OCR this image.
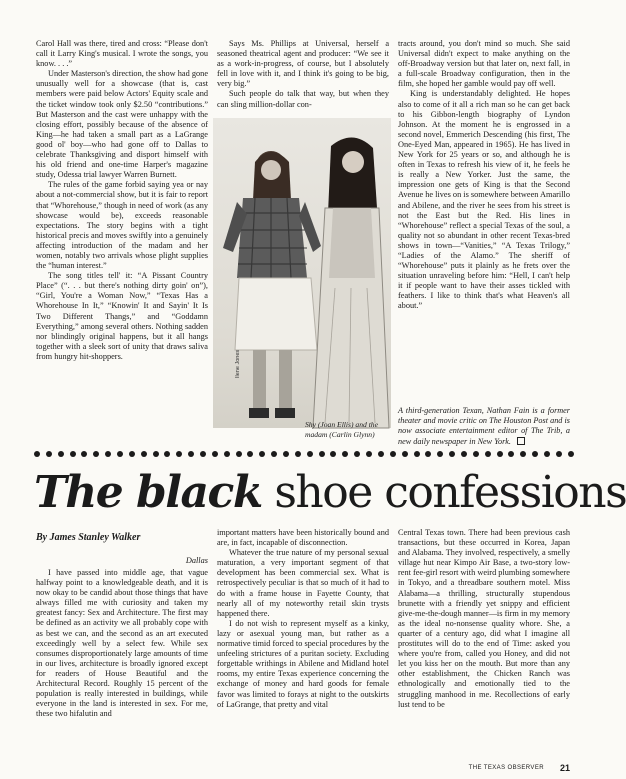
Carol Hall was there, tired and cross: “Please don't call it Larry King's musical. I wrote the songs, you know. . . .”

Under Masterson's direction, the show had gone unusually well for a showcase (that is, cast members were paid below Actors' Equity scale and the ticket window took only $2.50 “contributions.” But Masterson and the cast were unhappy with the closing effort, possibly because of the absence of King—he had taken a small part as a LaGrange good ol' boy—who had gone off to Dallas to celebrate Thanksgiving and disport himself with his old friend and one-time Harper's magazine study, Odessa trial lawyer Warren Burnett.

The rules of the game forbid saying yea or nay about a not-commercial show, but it is fair to report that “Whorehouse,” though in need of work (as any showcase would be), exceeds reasonable expectations. The story begins with a tight historical precis and moves swiftly into a genuinely affecting introduction of the madam and her women, notably two arrivals whose plight supplies the “human interest.”

The song titles tell' it: “A Pissant Country Place” (“. . . but there's nothing dirty goin' on”), “Girl, You're a Woman Now,” “Texas Has a Whorehouse In It,” “Knowin' It and Sayin' It Is Two Different Thangs,” and “Goddamn Everything,” among several others. Nothing sadden nor blindingly original happens, but it all hangs together with a sleek sort of unity that draws saliva from hungry hit-shoppers.

Says Ms. Phillips at Universal, herself a seasoned theatrical agent and producer: “We see it as a work-in-progress, of course, but I absolutely fell in love with it, and I think it's going to be big, very big.”

Such people do talk that way, but when they can sling million-dollar con-

Ilene Jones
Shy (Joan Ellis) and the madam (Carlin Glynn)

tracts around, you don't mind so much. She said Universal didn't expect to make anything on the off-Broadway version but that later on, next fall, in a full-scale Broadway configuration, then in the film, she hoped her gamble would pay off well.

King is understandably delighted. He hopes also to come of it all a rich man so he can get back to his Gibbon-length biography of Lyndon Johnson. At the moment he is engrossed in a second novel, Emmerich Descending (his first, The One-Eyed Man, appeared in 1965). He has lived in New York for 25 years or so, and although he is often in Texas to refresh his view of it, he feels he is really a New Yorker. Just the same, the impression one gets of King is that the Second Avenue he lives on is somewhere between Amarillo and Abilene, and the river he sees from his street is not the East but the Red. His lines in “Whorehouse” reflect a special Texas of the soul, a quality not so abundant in other recent Texas-bred shows in town—“Vanities,” “A Texas Trilogy,” “Ladies of the Alamo.” The sheriff of “Whorehouse” puts it plainly as he frets over the situation unraveling before him: “Hell, I can't help it if people want to have their asses tickled with feathers. I like to think that's what Heaven's all about.”

A third-generation Texan, Nathan Fain is a former theater and movie critic on The Houston Post and is now associate entertainment editor of The Trib, a new daily newspaper in New York.
The black shoe confessions
By James Stanley Walker
Dallas

I have passed into middle age, that vague halfway point to a knowledgeable death, and it is now okay to be candid about those things that have always filled me with curiosity and taken my greatest fancy: Sex and Architecture. The first may be defined as an activity we all probably cope with as best we can, and the second as an art executed exceedingly well by a select few. While sex consumes disproportionately large amounts of time in our lives, architecture is broadly ignored except for readers of House Beautiful and the Architectural Record. Roughly 15 percent of the population is really interested in buildings, while everyone in the land is interested in sex. For me, these two hifalutin and

important matters have been historically bound and are, in fact, incapable of disconnection.

Whatever the true nature of my personal sexual maturation, a very important segment of that development has been commercial sex. What is retrospectively peculiar is that so much of it had to do with a frame house in Fayette County, that nearly all of my noteworthy retail skin trysts happened there.

I do not wish to represent myself as a kinky, lazy or asexual young man, but rather as a normative timid forced to special procedures by the unfeeling strictures of a puritan society. Excluding forgettable writhings in Abilene and Midland hotel rooms, my entire Texas experience concerning the exchange of money and hard goods for female favor was limited to forays at night to the outskirts of LaGrange, that pretty and vital

Central Texas town. There had been previous cash transactions, but these occurred in Korea, Japan and Alabama. They involved, respectively, a smelly village hut near Kimpo Air Base, a two-story low-rent fee-girl resort with weird plumbing somewhere in Tokyo, and a threadbare southern motel. Miss Alabama—a thrilling, structurally stupendous brunette with a friendly yet snippy and efficient give-me-the-dough manner—is firm in my memory as the ideal no-nonsense quality whore. She, a quarter of a century ago, did what I imagine all prostitutes will do to the end of Time: asked you where you're from, called you Honey, and did not let you kiss her on the mouth. But more than any other establishment, the Chicken Ranch was ethnologically and emotionally tied to the struggling manhood in me. Recollections of early lust tend to be

THE TEXAS OBSERVER 21
